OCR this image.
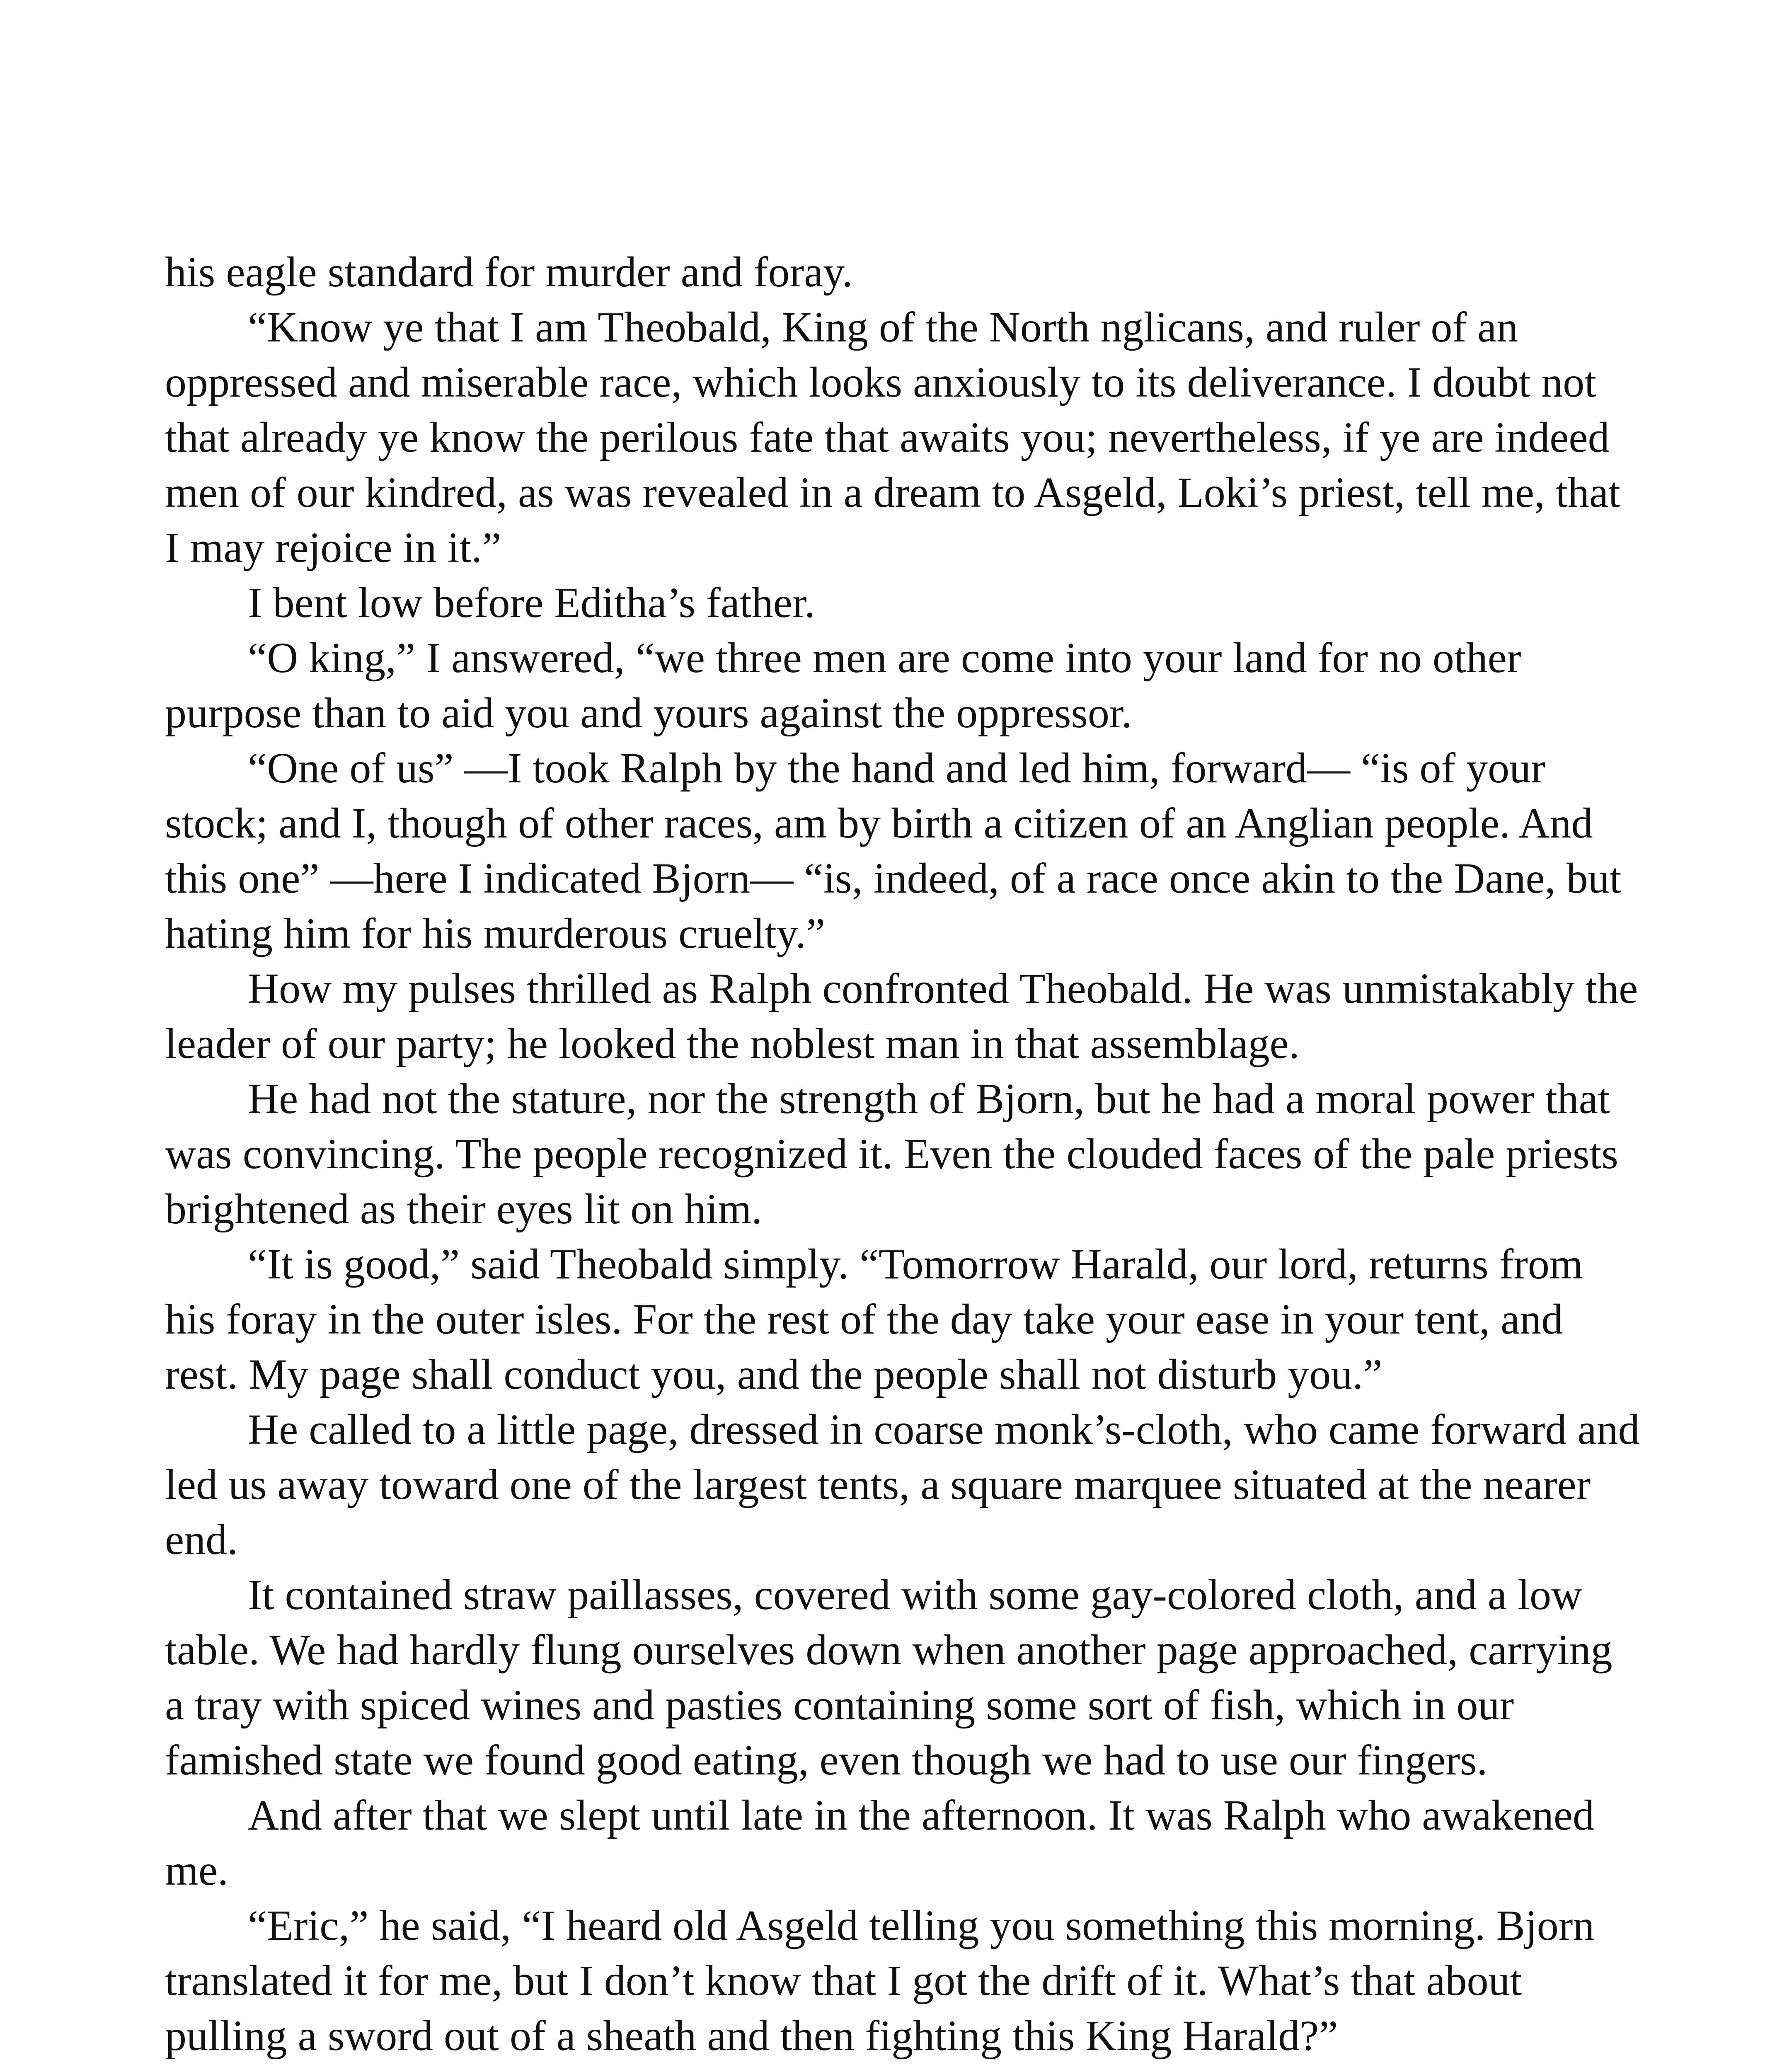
his eagle standard for murder and foray.

“Know ye that I am Theobald, King of the North nglicans, and ruler of an oppressed and miserable race, which looks anxiously to its deliverance. I doubt not that already ye know the perilous fate that awaits you; nevertheless, if ye are indeed men of our kindred, as was revealed in a dream to Asgeld, Loki’s priest, tell me, that I may rejoice in it.”

I bent low before Editha’s father.

“O king,” I answered, “we three men are come into your land for no other purpose than to aid you and yours against the oppressor.

“One of us” —I took Ralph by the hand and led him, forward— “is of your stock; and I, though of other races, am by birth a citizen of an Anglian people. And this one” —here I indicated Bjorn— “is, indeed, of a race once akin to the Dane, but hating him for his murderous cruelty.”

How my pulses thrilled as Ralph confronted Theobald. He was unmistakably the leader of our party; he looked the noblest man in that assemblage.

He had not the stature, nor the strength of Bjorn, but he had a moral power that was convincing. The people recognized it. Even the clouded faces of the pale priests brightened as their eyes lit on him.

“It is good,” said Theobald simply. “Tomorrow Harald, our lord, returns from his foray in the outer isles. For the rest of the day take your ease in your tent, and rest. My page shall conduct you, and the people shall not disturb you.”

He called to a little page, dressed in coarse monk’s-cloth, who came forward and led us away toward one of the largest tents, a square marquee situated at the nearer end.

It contained straw paillasses, covered with some gay-colored cloth, and a low table. We had hardly flung ourselves down when another page approached, carrying a tray with spiced wines and pasties containing some sort of fish, which in our famished state we found good eating, even though we had to use our fingers.

And after that we slept until late in the afternoon. It was Ralph who awakened me.

“Eric,” he said, “I heard old Asgeld telling you something this morning. Bjorn translated it for me, but I don’t know that I got the drift of it. What’s that about pulling a sword out of a sheath and then fighting this King Harald?”
